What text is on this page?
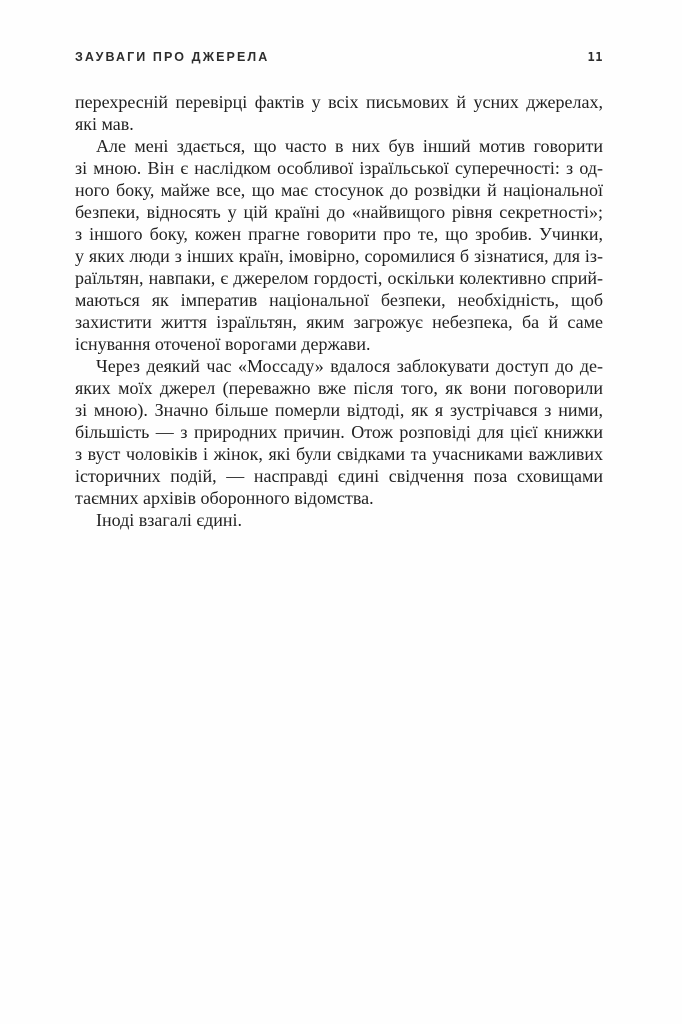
ЗАУВАГИ ПРО ДЖЕРЕЛА	11
перехресній перевірці фактів у всіх письмових й усних джерелах,
які мав.
Але мені здається, що часто в них був інший мотив говорити
зі мною. Він є наслідком особливої ізраїльської суперечності: з од-
ного боку, майже все, що має стосунок до розвідки й національної
безпеки, відносять у цій країні до «найвищого рівня секретності»;
з іншого боку, кожен прагне говорити про те, що зробив. Учинки,
у яких люди з інших країн, імовірно, соромилися б зізнатися, для із-
раїльтян, навпаки, є джерелом гордості, оскільки колективно сприй-
маються як імператив національної безпеки, необхідність, щоб
захистити життя ізраїльтян, яким загрожує небезпека, ба й саме
існування оточеної ворогами держави.
Через деякий час «Моссаду» вдалося заблокувати доступ до де-
яких моїх джерел (переважно вже після того, як вони поговорили
зі мною). Значно більше померли відтоді, як я зустрічався з ними,
більшість — з природних причин. Отож розповіді для цієї книжки
з вуст чоловіків і жінок, які були свідками та учасниками важливих
історичних подій, — насправді єдині свідчення поза сховищами
таємних архівів оборонного відомства.
Іноді взагалі єдині.
